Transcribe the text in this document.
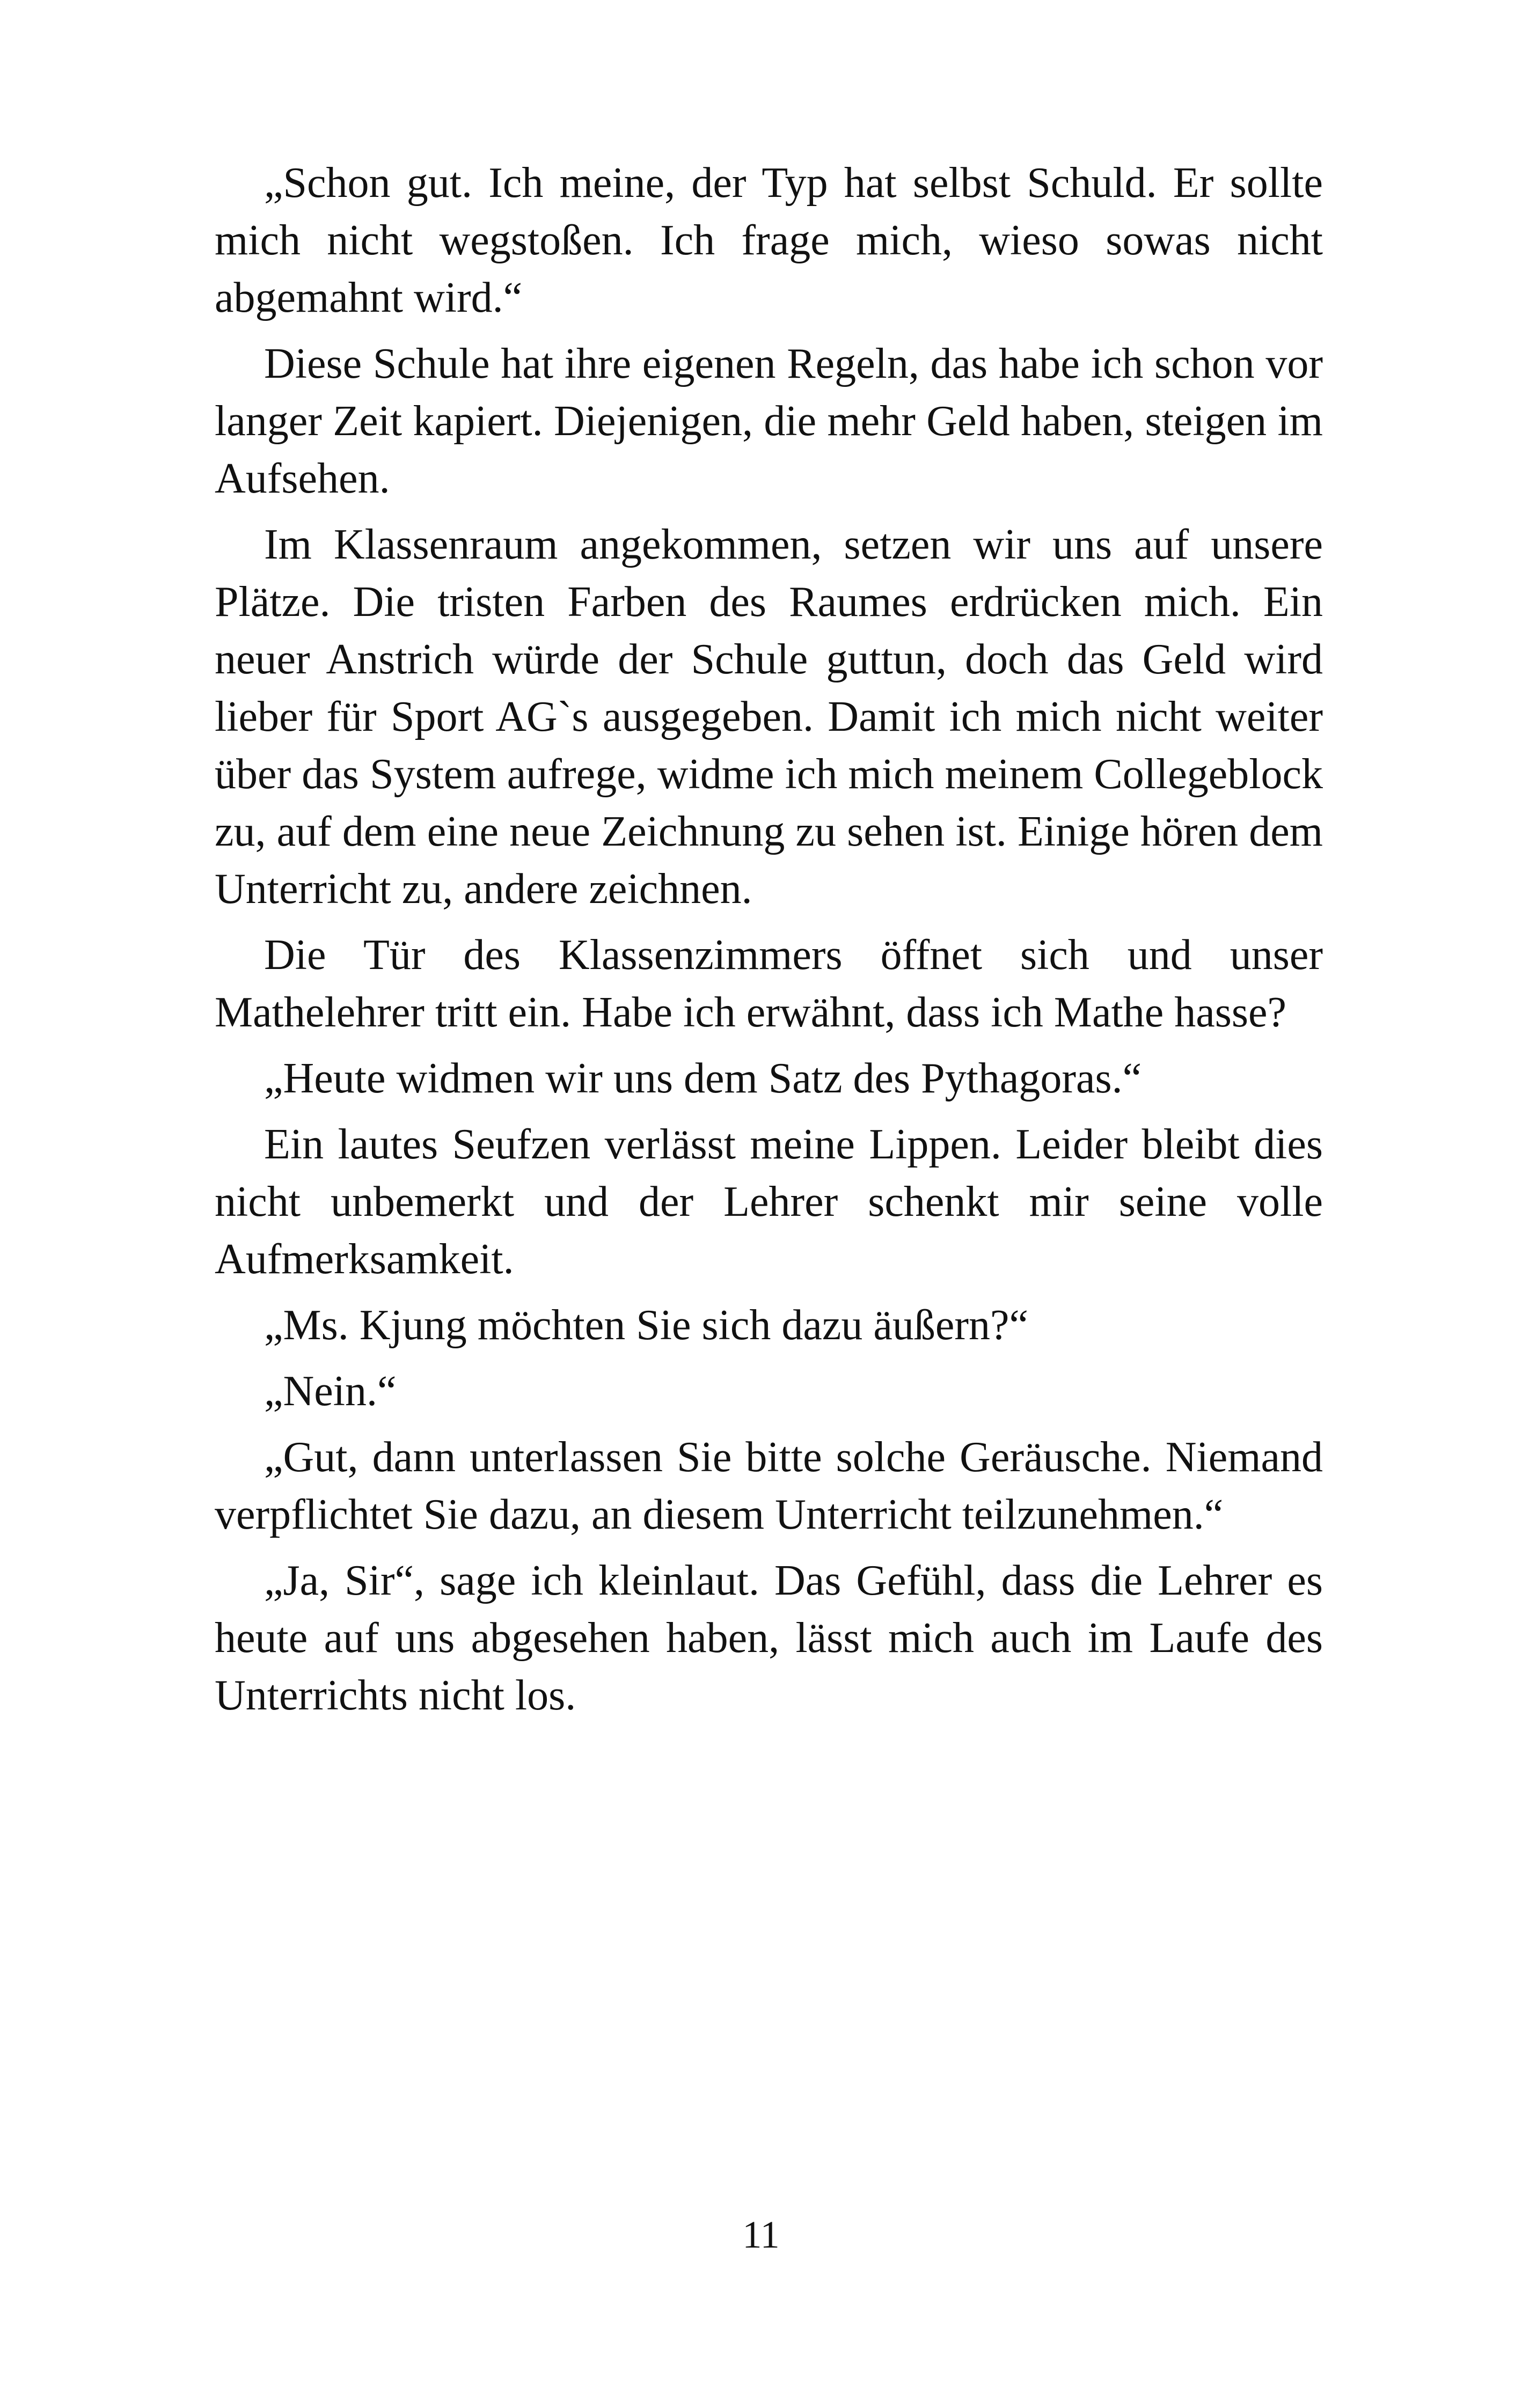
„Schon gut. Ich meine, der Typ hat selbst Schuld. Er sollte mich nicht wegstoßen. Ich frage mich, wieso sowas nicht abgemahnt wird.“

Diese Schule hat ihre eigenen Regeln, das habe ich schon vor langer Zeit kapiert. Diejenigen, die mehr Geld haben, steigen im Aufsehen.

Im Klassenraum angekommen, setzen wir uns auf unsere Plätze. Die tristen Farben des Raumes erdrücken mich. Ein neuer Anstrich würde der Schule guttun, doch das Geld wird lieber für Sport AG`s ausgegeben. Damit ich mich nicht weiter über das System aufrege, widme ich mich meinem Collegeblock zu, auf dem eine neue Zeichnung zu sehen ist. Einige hören dem Unterricht zu, andere zeichnen.

Die Tür des Klassenzimmers öffnet sich und unser Mathelehrer tritt ein. Habe ich erwähnt, dass ich Mathe hasse?

„Heute widmen wir uns dem Satz des Pythagoras.“

Ein lautes Seufzen verlässt meine Lippen. Leider bleibt dies nicht unbemerkt und der Lehrer schenkt mir seine volle Aufmerksamkeit.

„Ms. Kjung möchten Sie sich dazu äußern?“

„Nein.“

„Gut, dann unterlassen Sie bitte solche Geräusche. Niemand verpflichtet Sie dazu, an diesem Unterricht teilzunehmen.“

„Ja, Sir“, sage ich kleinlaut. Das Gefühl, dass die Lehrer es heute auf uns abgesehen haben, lässt mich auch im Laufe des Unterrichts nicht los.

11
